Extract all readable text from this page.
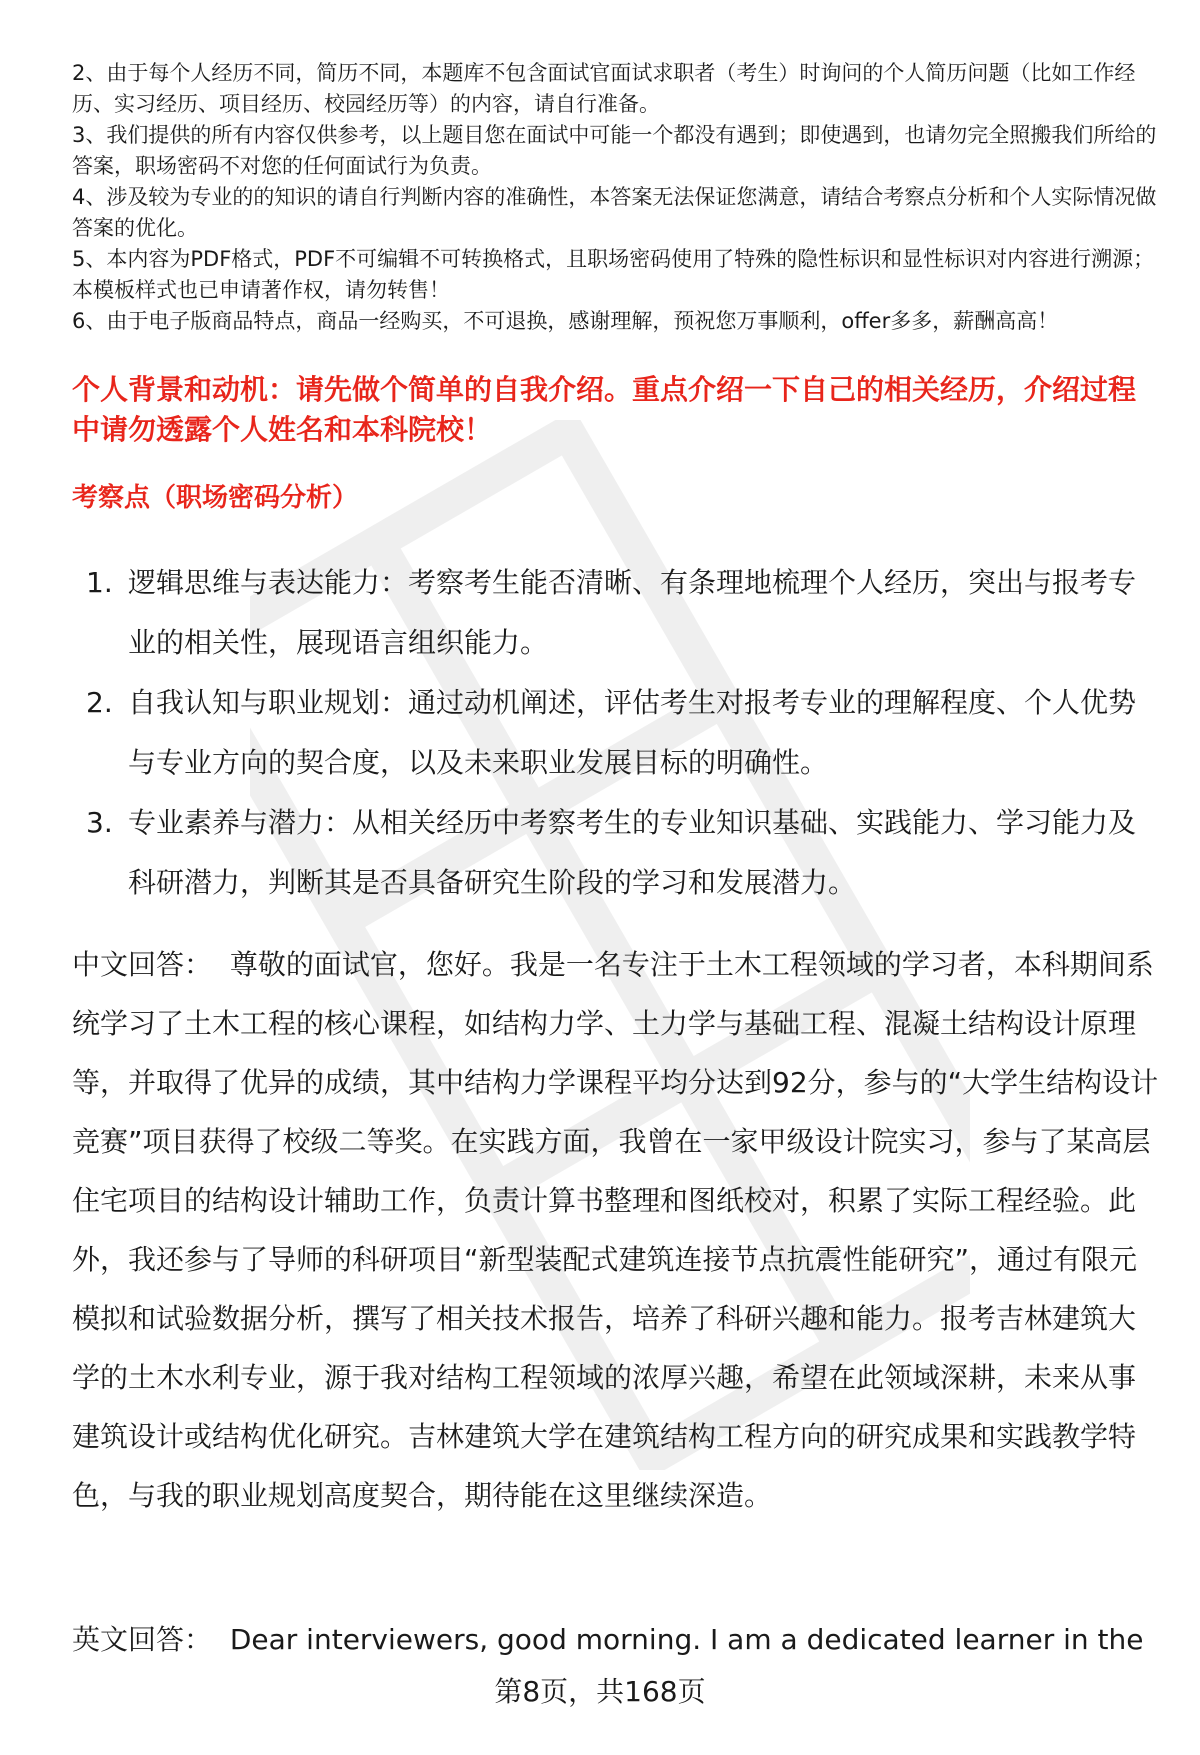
2、由于每个人经历不同，简历不同，本题库不包含面试官面试求职者（考生）时询问的个人简历问题（比如工作经历、实习经历、项目经历、校园经历等）的内容，请自行准备。

3、我们提供的所有内容仅供参考，以上题目您在面试中可能一个都没有遇到；即使遇到，也请勿完全照搬我们所给的答案，职场密码不对您的任何面试行为负责。

4、涉及较为专业的的知识的请自行判断内容的准确性，本答案无法保证您满意，请结合考察点分析和个人实际情况做答案的优化。

5、本内容为PDF格式，PDF不可编辑不可转换格式，且职场密码使用了特殊的隐性标识和显性标识对内容进行溯源；本模板样式也已申请著作权，请勿转售！

6、由于电子版商品特点，商品一经购买，不可退换，感谢理解，预祝您万事顺利，offer多多，薪酬高高！

个人背景和动机：请先做个简单的自我介绍。重点介绍一下自己的相关经历，介绍过程中请勿透露个人姓名和本科院校！
考察点（职场密码分析）
1. 逻辑思维与表达能力：考察考生能否清晰、有条理地梳理个人经历，突出与报考专业的相关性，展现语言组织能力。
2. 自我认知与职业规划：通过动机阐述，评估考生对报考专业的理解程度、个人优势与专业方向的契合度，以及未来职业发展目标的明确性。
3. 专业素养与潜力：从相关经历中考察考生的专业知识基础、实践能力、学习能力及科研潜力，判断其是否具备研究生阶段的学习和发展潜力。

中文回答： 尊敬的面试官，您好。我是一名专注于土木工程领域的学习者，本科期间系统学习了土木工程的核心课程，如结构力学、土力学与基础工程、混凝土结构设计原理等，并取得了优异的成绩，其中结构力学课程平均分达到92分，参与的“大学生结构设计竞赛”项目获得了校级二等奖。在实践方面，我曾在一家甲级设计院实习，参与了某高层住宅项目的结构设计辅助工作，负责计算书整理和图纸校对，积累了实际工程经验。此外，我还参与了导师的科研项目“新型装配式建筑连接节点抗震性能研究”，通过有限元模拟和试验数据分析，撰写了相关技术报告，培养了科研兴趣和能力。报考吉林建筑大学的土木水利专业，源于我对结构工程领域的浓厚兴趣，希望在此领域深耕，未来从事建筑设计或结构优化研究。吉林建筑大学在建筑结构工程方向的研究成果和实践教学特色，与我的职业规划高度契合，期待能在这里继续深造。

英文回答： Dear interviewers, good morning. I am a dedicated learner in the

第8页，共168页
